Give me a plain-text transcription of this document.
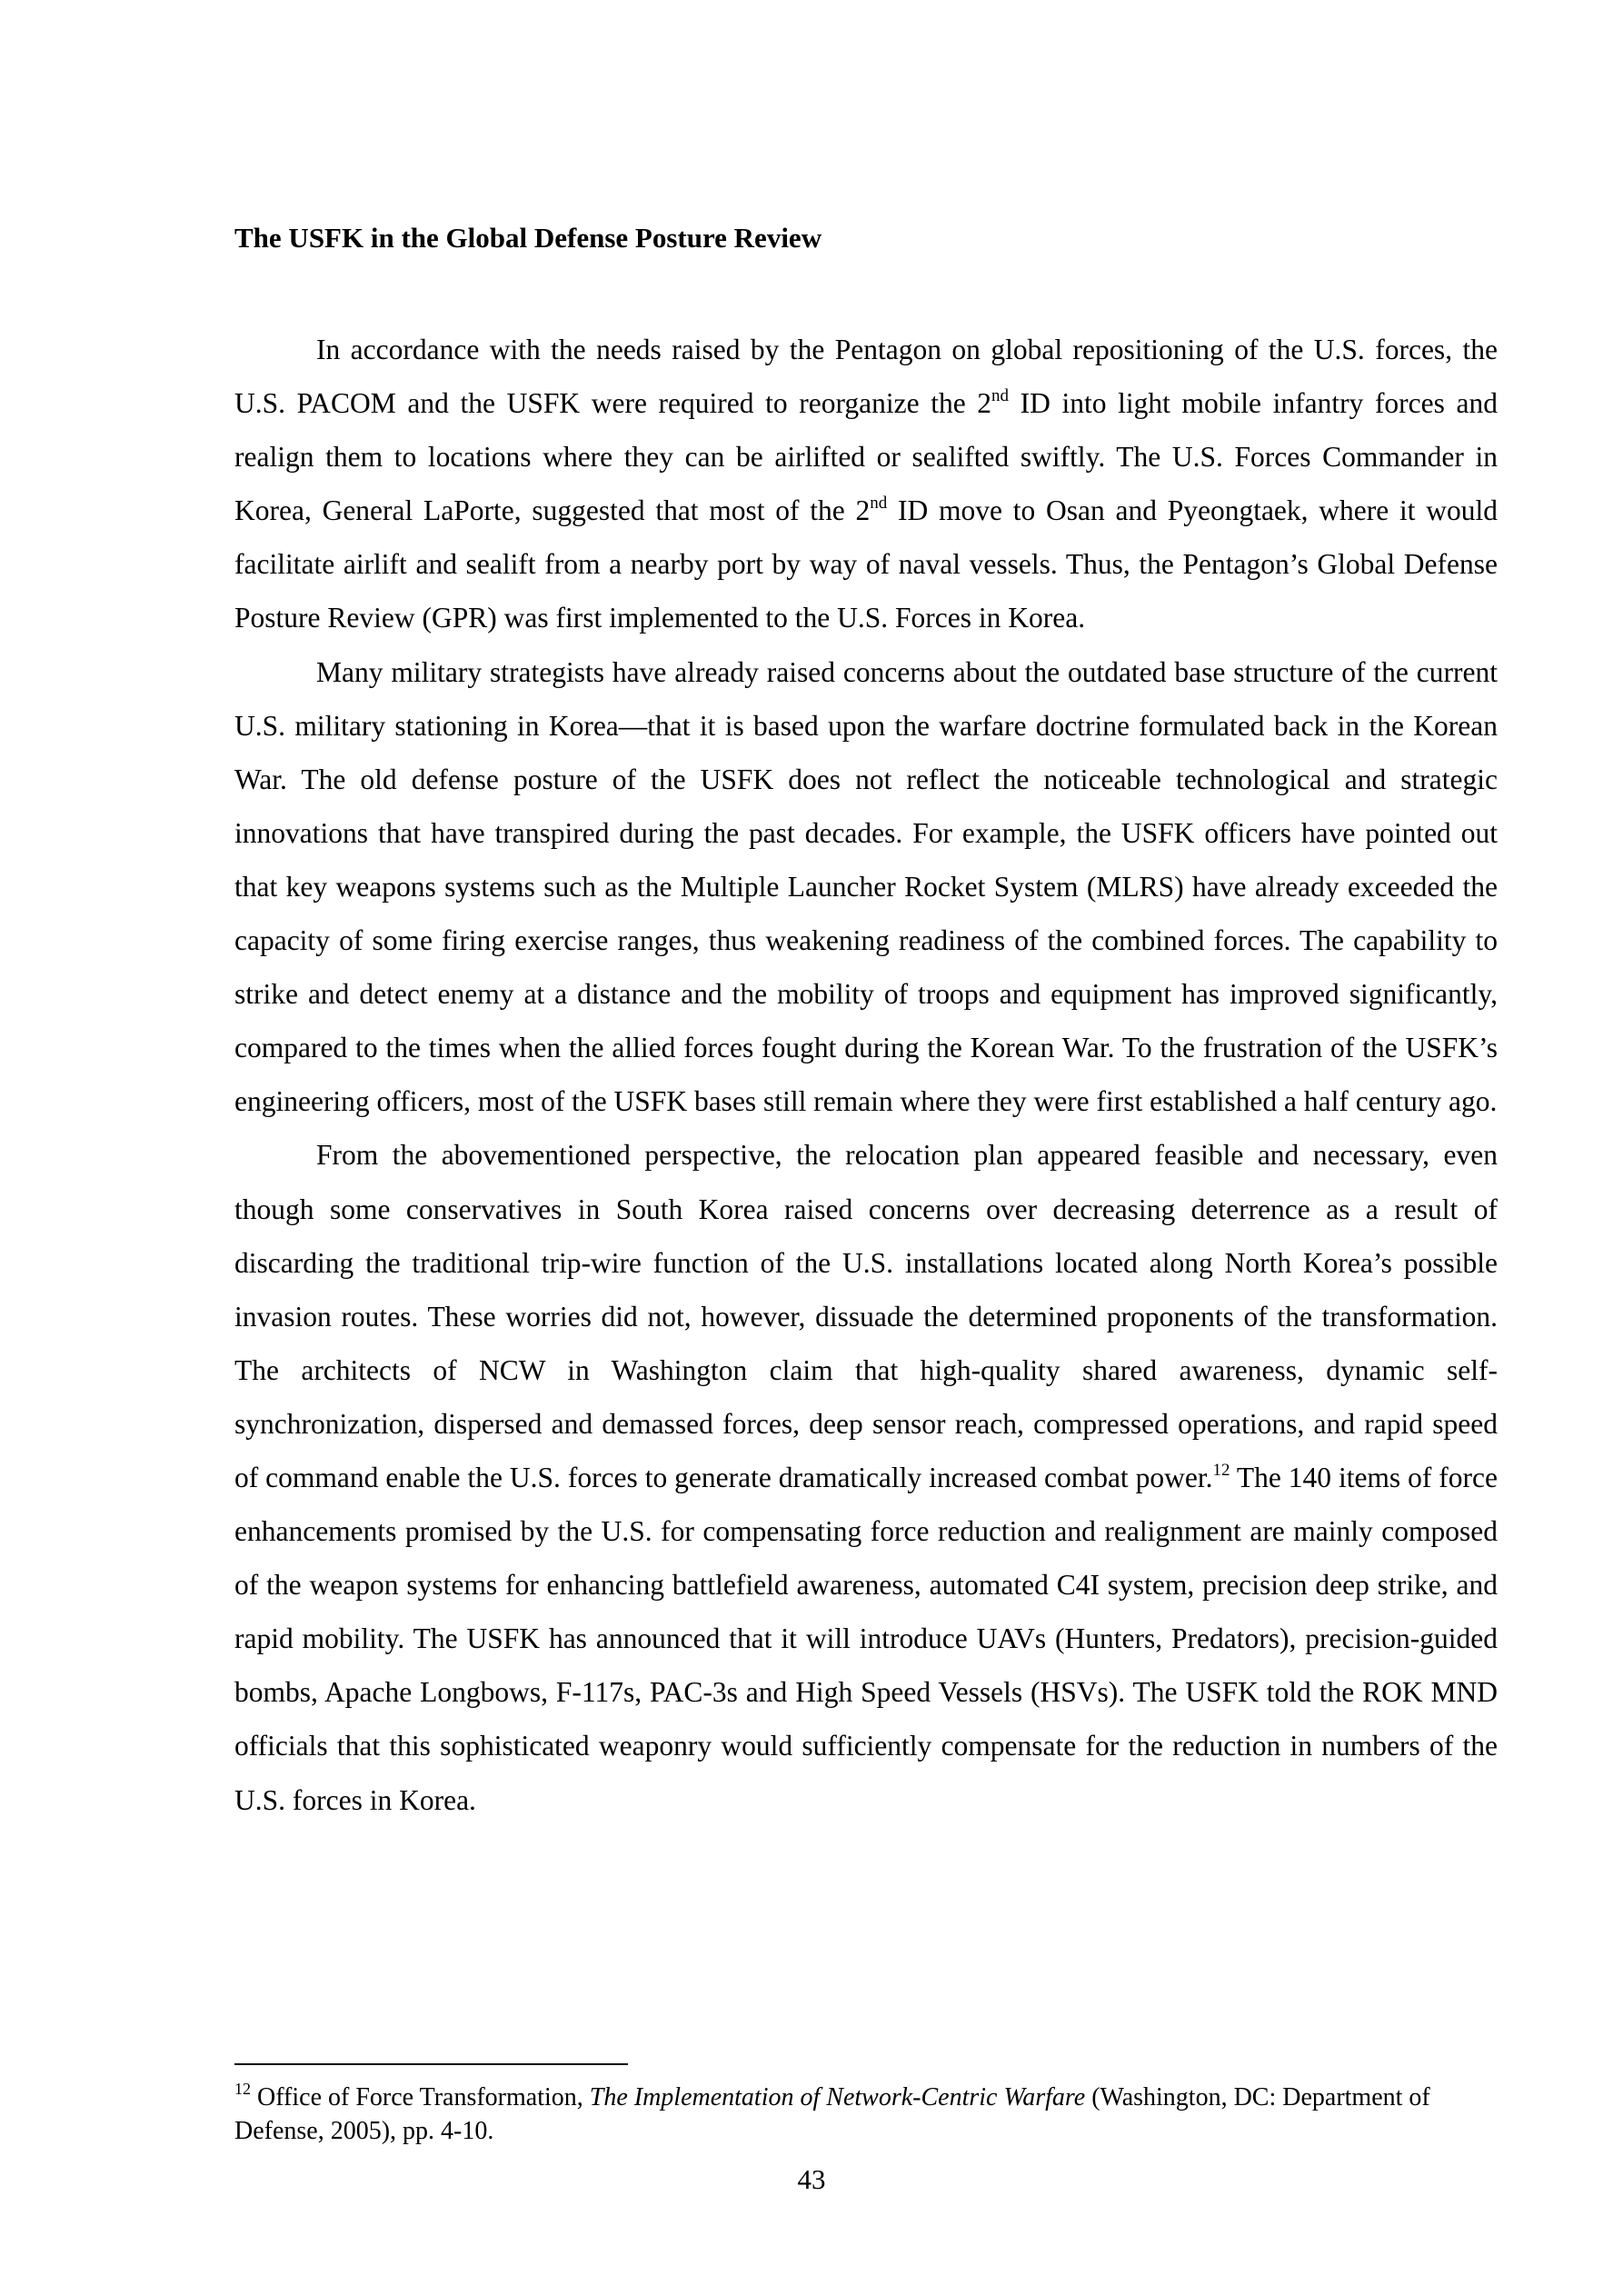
The USFK in the Global Defense Posture Review

In accordance with the needs raised by the Pentagon on global repositioning of the U.S. forces, the U.S. PACOM and the USFK were required to reorganize the 2nd ID into light mobile infantry forces and realign them to locations where they can be airlifted or sealifted swiftly. The U.S. Forces Commander in Korea, General LaPorte, suggested that most of the 2nd ID move to Osan and Pyeongtaek, where it would facilitate airlift and sealift from a nearby port by way of naval vessels. Thus, the Pentagon’s Global Defense Posture Review (GPR) was first implemented to the U.S. Forces in Korea.

Many military strategists have already raised concerns about the outdated base structure of the current U.S. military stationing in Korea—that it is based upon the warfare doctrine formulated back in the Korean War. The old defense posture of the USFK does not reflect the noticeable technological and strategic innovations that have transpired during the past decades. For example, the USFK officers have pointed out that key weapons systems such as the Multiple Launcher Rocket System (MLRS) have already exceeded the capacity of some firing exercise ranges, thus weakening readiness of the combined forces. The capability to strike and detect enemy at a distance and the mobility of troops and equipment has improved significantly, compared to the times when the allied forces fought during the Korean War. To the frustration of the USFK’s engineering officers, most of the USFK bases still remain where they were first established a half century ago.

From the abovementioned perspective, the relocation plan appeared feasible and necessary, even though some conservatives in South Korea raised concerns over decreasing deterrence as a result of discarding the traditional trip-wire function of the U.S. installations located along North Korea’s possible invasion routes. These worries did not, however, dissuade the determined proponents of the transformation. The architects of NCW in Washington claim that high-quality shared awareness, dynamic self-synchronization, dispersed and demassed forces, deep sensor reach, compressed operations, and rapid speed of command enable the U.S. forces to generate dramatically increased combat power.$^{12}$ The 140 items of force enhancements promised by the U.S. for compensating force reduction and realignment are mainly composed of the weapon systems for enhancing battlefield awareness, automated C4I system, precision deep strike, and rapid mobility. The USFK has announced that it will introduce UAVs (Hunters, Predators), precision-guided bombs, Apache Longbows, F-117s, PAC-3s and High Speed Vessels (HSVs). The USFK told the ROK MND officials that this sophisticated weaponry would sufficiently compensate for the reduction in numbers of the U.S. forces in Korea.

$^{12}$ Office of Force Transformation, The Implementation of Network-Centric Warfare (Washington, DC: Department of Defense, 2005), pp. 4-10.

43
